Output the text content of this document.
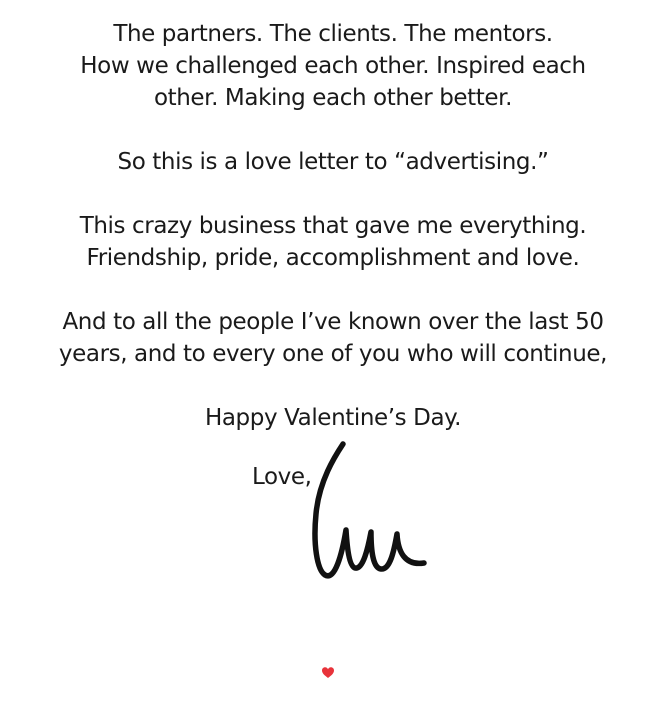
The partners. The clients. The mentors.
How we challenged each other. Inspired each
other. Making each other better.

So this is a love letter to “advertising.”

This crazy business that gave me everything.
Friendship, pride, accomplishment and love.

And to all the people I’ve known over the last 50
years, and to every one of you who will continue,

Happy Valentine’s Day.

Love,
